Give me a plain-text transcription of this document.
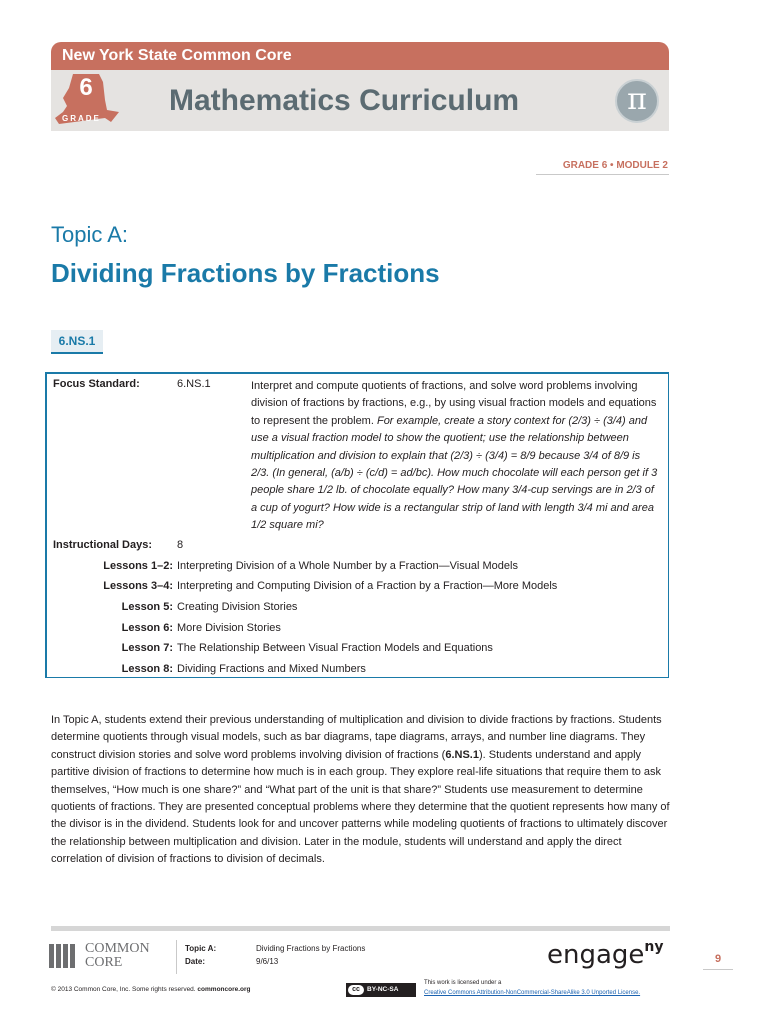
New York State Common Core
6
GRADE
Mathematics Curriculum	π
GRADE 6 • MODULE 2
Topic A:
Dividing Fractions by Fractions
6.NS.1
Focus Standard:	6.NS.1	Interpret and compute quotients of fractions, and solve word problems involving division of fractions by fractions, e.g., by using visual fraction models and equations to represent the problem. For example, create a story context for (2/3) ÷ (3/4) and use a visual fraction model to show the quotient; use the relationship between multiplication and division to explain that (2/3) ÷ (3/4) = 8/9 because 3/4 of 8/9 is 2/3. (In general, (a/b) ÷ (c/d) = ad/bc). How much chocolate will each person get if 3 people share 1/2 lb. of chocolate equally? How many 3/4-cup servings are in 2/3 of a cup of yogurt? How wide is a rectangular strip of land with length 3/4 mi and area 1/2 square mi?
Instructional Days: 8
Lessons 1–2: Interpreting Division of a Whole Number by a Fraction—Visual Models
Lessons 3–4: Interpreting and Computing Division of a Fraction by a Fraction—More Models
Lesson 5: Creating Division Stories
Lesson 6: More Division Stories
Lesson 7: The Relationship Between Visual Fraction Models and Equations
Lesson 8: Dividing Fractions and Mixed Numbers
In Topic A, students extend their previous understanding of multiplication and division to divide fractions by fractions. Students determine quotients through visual models, such as bar diagrams, tape diagrams, arrays, and number line diagrams. They construct division stories and solve word problems involving division of fractions (6.NS.1). Students understand and apply partitive division of fractions to determine how much is in each group. They explore real-life situations that require them to ask themselves, “How much is one share?” and “What part of the unit is that share?” Students use measurement to determine quotients of fractions. They are presented conceptual problems where they determine that the quotient represents how many of the divisor is in the dividend. Students look for and uncover patterns while modeling quotients of fractions to ultimately discover the relationship between multiplication and division. Later in the module, students will understand and apply the direct correlation of division of fractions to division of decimals.
COMMON
CORE
Topic A:	Dividing Fractions by Fractions
Date:	9/6/13	engage$^{ny}$
9
© 2013 Common Core, Inc. Some rights reserved. commoncore.org	cc	BY-NC-SA
This work is licensed under a
Creative Commons Attribution-NonCommercial-ShareAlike 3.0 Unported License.
